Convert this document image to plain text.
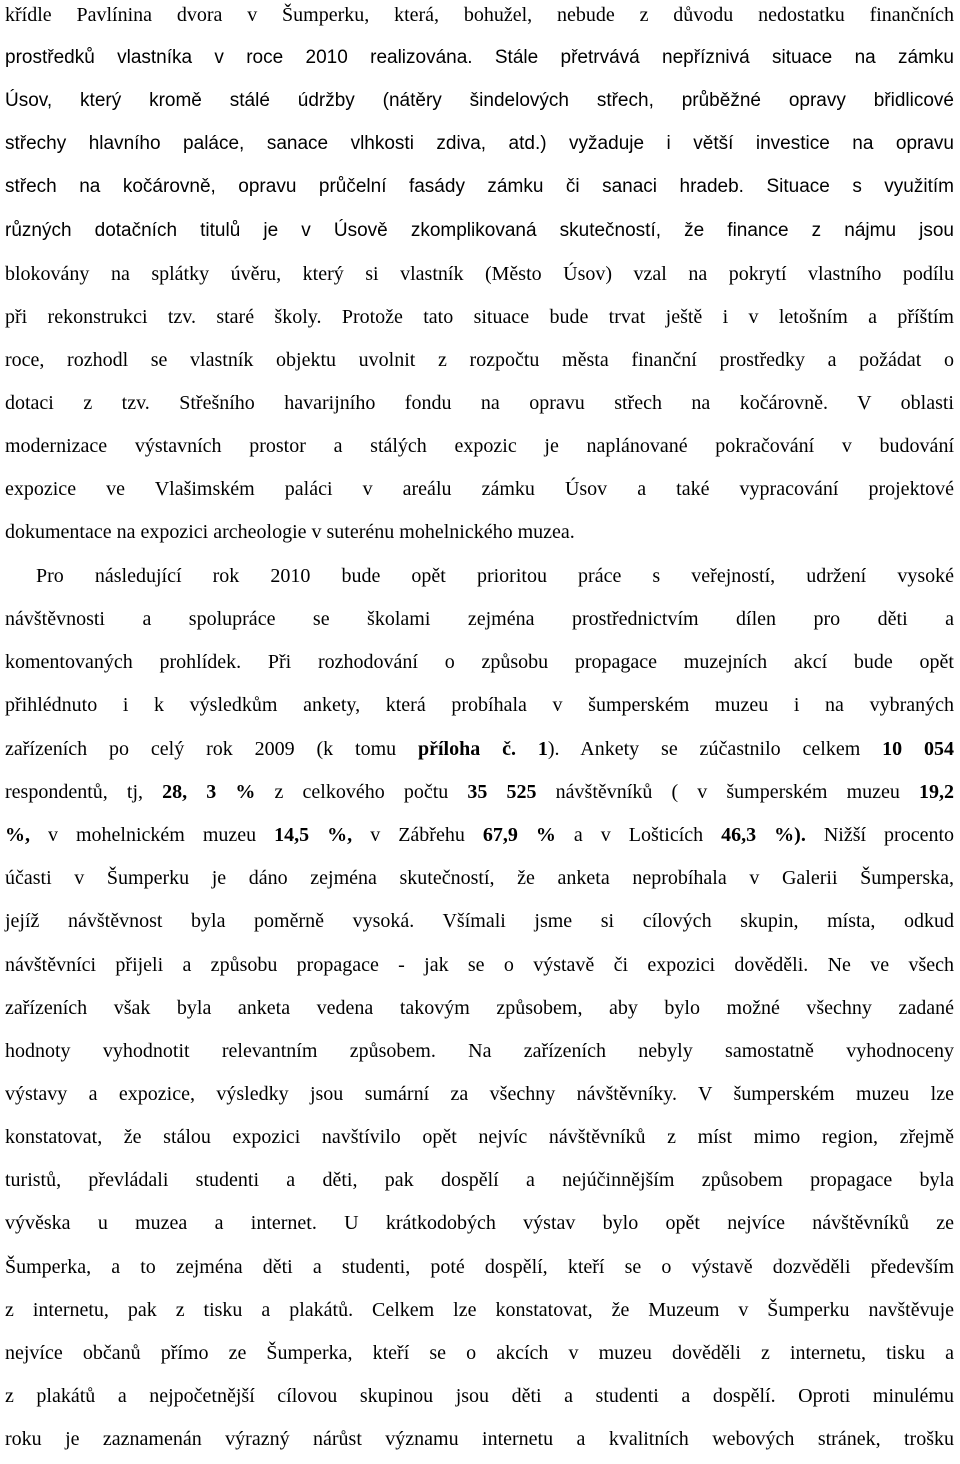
křídle Pavlínina dvora v Šumperku, která, bohužel, nebude z důvodu nedostatku finančních
prostředků vlastníka v roce 2010 realizována. Stále přetrvává nepříznivá situace na zámku
Úsov, který kromě stálé údržby (nátěry šindelových střech, průběžné opravy břidlicové
střechy hlavního paláce, sanace vlhkosti zdiva, atd.) vyžaduje i větší investice na opravu
střech na kočárovně, opravu průčelní fasády zámku či sanaci hradeb. Situace s využitím
různých dotačních titulů je v Úsově zkomplikovaná skutečností, že finance z nájmu jsou
blokovány na splátky úvěru, který si vlastník (Město Úsov) vzal na pokrytí vlastního podílu
při rekonstrukci tzv. staré školy. Protože tato situace bude trvat ještě i v letošním a příštím
roce, rozhodl se vlastník objektu uvolnit z rozpočtu města finanční prostředky a požádat o
dotaci z tzv. Střešního havarijního fondu na opravu střech na kočárovně. V oblasti
modernizace výstavních prostor a stálých expozic je naplánované pokračování v budování
expozice ve Vlašimském paláci v areálu zámku Úsov a také vypracování projektové
dokumentace na expozici archeologie v suterénu mohelnického muzea.
Pro následující rok 2010 bude opět prioritou práce s veřejností, udržení vysoké
návštěvnosti a spolupráce se školami zejména prostřednictvím dílen pro děti a
komentovaných prohlídek. Při rozhodování o způsobu propagace muzejních akcí bude opět
přihlédnuto i k výsledkům ankety, která probíhala v šumperském muzeu i na vybraných
zařízeních po celý rok 2009 (k tomu příloha č. 1). Ankety se zúčastnilo celkem 10 054
respondentů, tj, 28, 3 % z celkového počtu 35 525 návštěvníků ( v šumperském muzeu 19,2
%, v mohelnickém muzeu 14,5 %, v Zábřehu 67,9 % a v Lošticích 46,3 %). Nižší procento
účasti v Šumperku je dáno zejména skutečností, že anketa neprobíhala v Galerii Šumperska,
jejíž návštěvnost byla poměrně vysoká. Všímali jsme si cílových skupin, místa, odkud
návštěvníci přijeli a způsobu propagace - jak se o výstavě či expozici dověděli. Ne ve všech
zařízeních však byla anketa vedena takovým způsobem, aby bylo možné všechny zadané
hodnoty vyhodnotit relevantním způsobem. Na zařízeních nebyly samostatně vyhodnoceny
výstavy a expozice, výsledky jsou sumární za všechny návštěvníky. V šumperském muzeu lze
konstatovat, že stálou expozici navštívilo opět nejvíc návštěvníků z míst mimo region, zřejmě
turistů, převládali studenti a děti, pak dospělí a nejúčinnějším způsobem propagace byla
vývěska u muzea a internet. U krátkodobých výstav bylo opět nejvíce návštěvníků ze
Šumperka, a to zejména děti a studenti, poté dospělí, kteří se o výstavě dozvěděli především
z internetu, pak z tisku a plakátů. Celkem lze konstatovat, že Muzeum v Šumperku navštěvuje
nejvíce občanů přímo ze Šumperka, kteří se o akcích v muzeu dověděli z internetu, tisku a
z plakátů a nejpočetnější cílovou skupinou jsou děti a studenti a dospělí. Oproti minulému
roku je zaznamenán výrazný nárůst významu internetu a kvalitních webových stránek, trošku
